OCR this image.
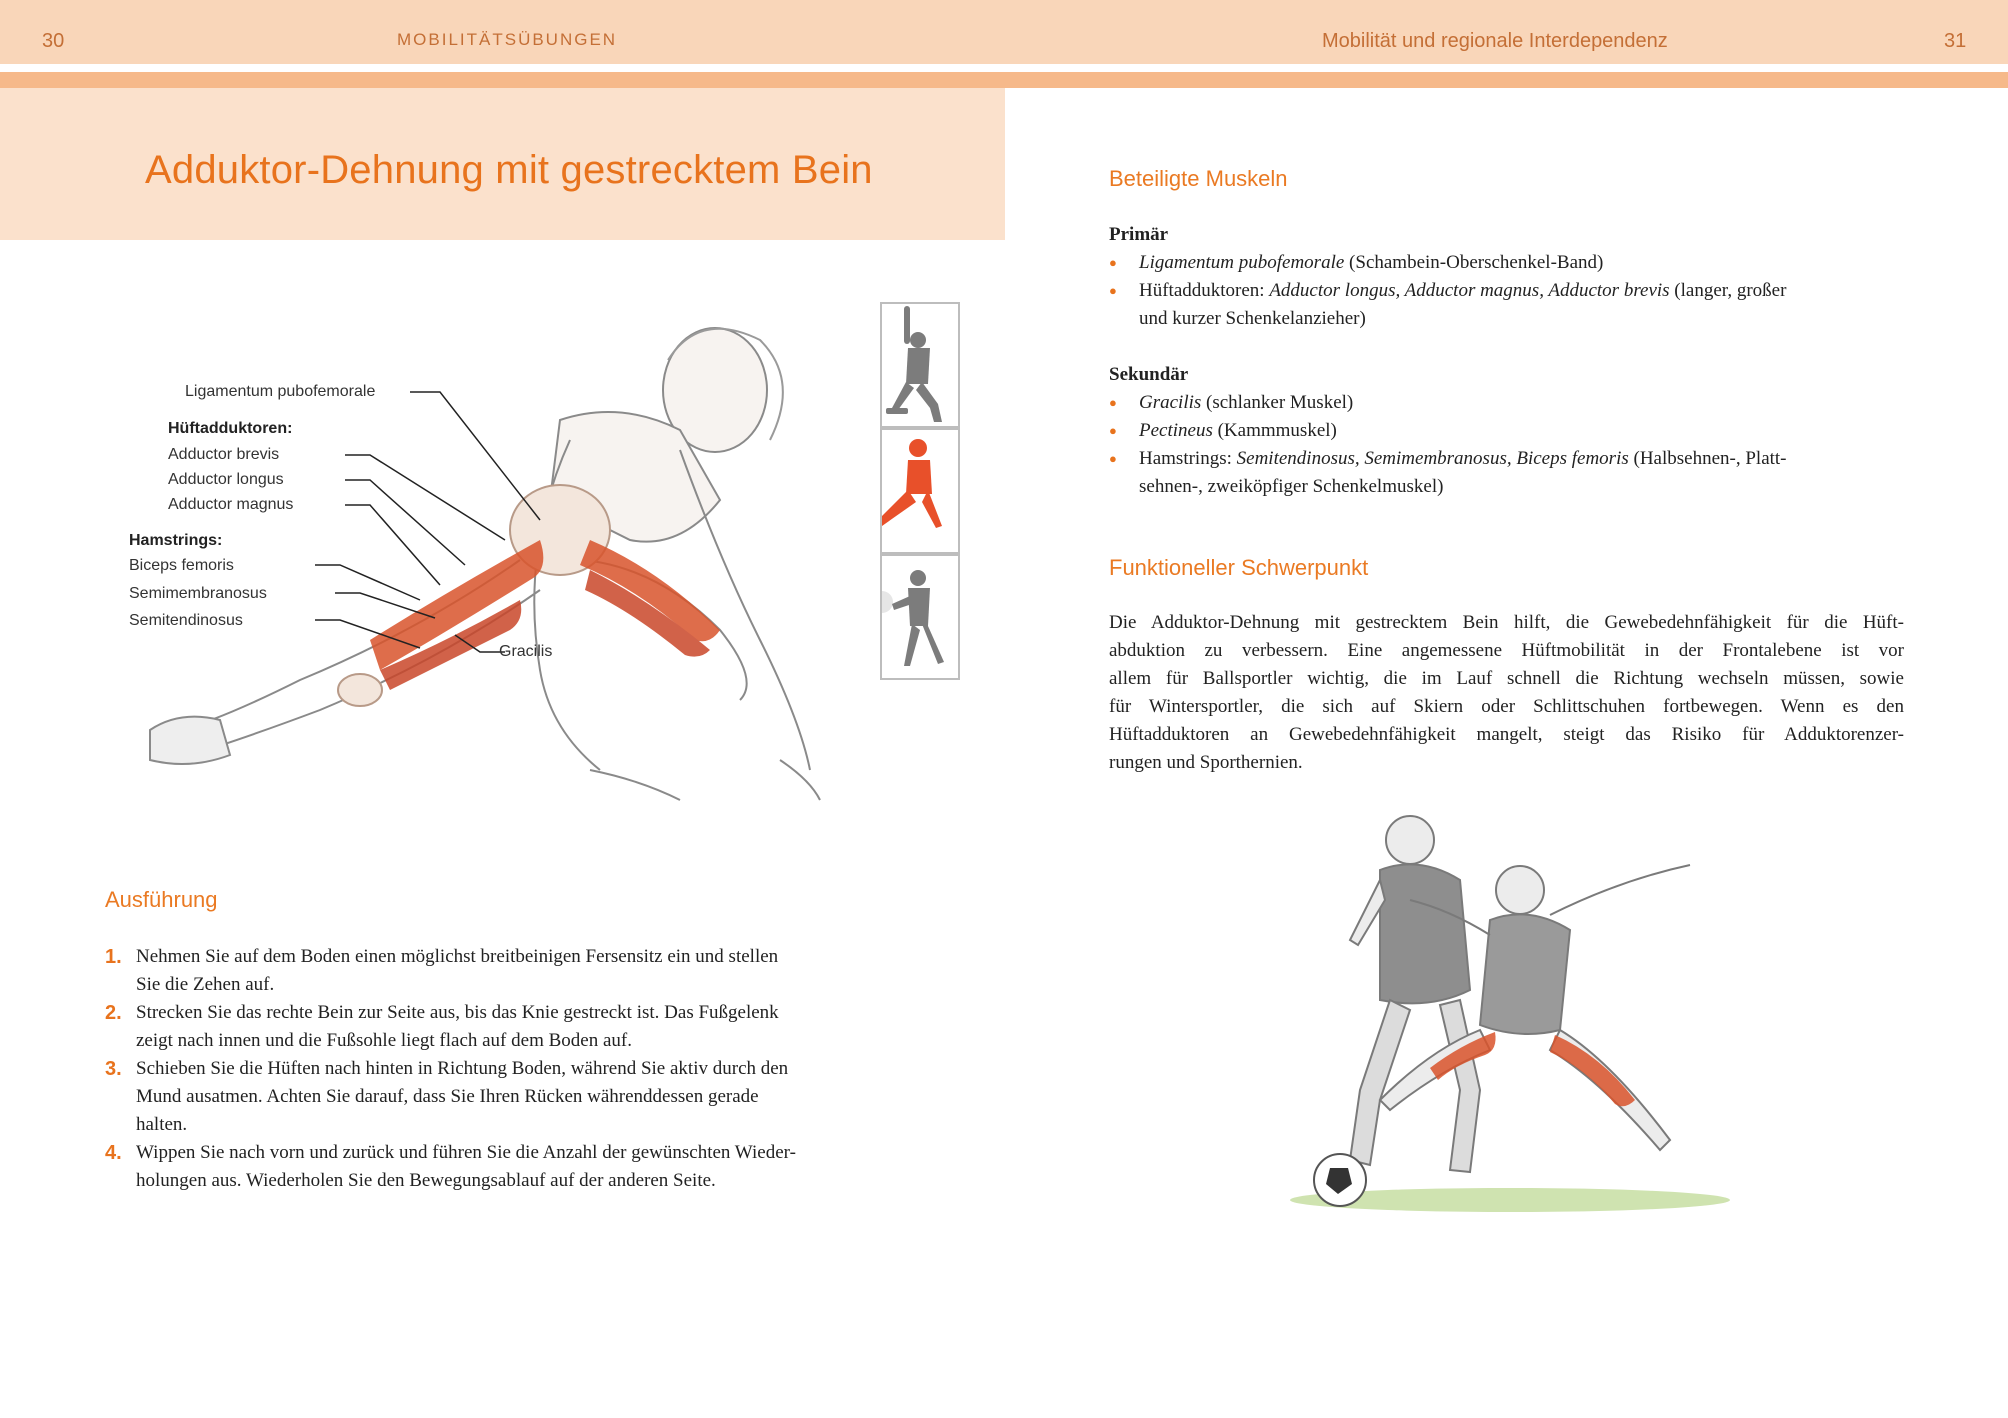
30	MOBILITÄTSÜBUNGEN	Mobilität und regionale Interdependenz	31
Adduktor-Dehnung mit gestrecktem Bein
Ligamentum pubofemorale
Hüftadduktoren:
Adductor brevis
Adductor longus
Adductor magnus
Hamstrings:
Biceps femoris
Semimembranosus
Semitendinosus
Gracilis
Ausführung
1. Nehmen Sie auf dem Boden einen möglichst breitbeinigen Fersensitz ein und stellen
Sie die Zehen auf.
2. Strecken Sie das rechte Bein zur Seite aus, bis das Knie gestreckt ist. Das Fußgelenk
zeigt nach innen und die Fußsohle liegt flach auf dem Boden auf.
3. Schieben Sie die Hüften nach hinten in Richtung Boden, während Sie aktiv durch den
Mund ausatmen. Achten Sie darauf, dass Sie Ihren Rücken währenddessen gerade
halten.
4. Wippen Sie nach vorn und zurück und führen Sie die Anzahl der gewünschten Wieder-
holungen aus. Wiederholen Sie den Bewegungsablauf auf der anderen Seite.
Beteiligte Muskeln
Primär
● Ligamentum pubofemorale (Schambein-Oberschenkel-Band)
● Hüftadduktoren: Adductor longus, Adductor magnus, Adductor brevis (langer, großer
und kurzer Schenkelanzieher)
Sekundär
● Gracilis (schlanker Muskel)
● Pectineus (Kammmuskel)
● Hamstrings: Semitendinosus, Semimembranosus, Biceps femoris (Halbsehnen-, Platt-
sehnen-, zweiköpfiger Schenkelmuskel)
Funktioneller Schwerpunkt
Die Adduktor-Dehnung mit gestrecktem Bein hilft, die Gewebedehnfähigkeit für die Hüft-
abduktion zu verbessern. Eine angemessene Hüftmobilität in der Frontalebene ist vor
allem für Ballsportler wichtig, die im Lauf schnell die Richtung wechseln müssen, sowie
für Wintersportler, die sich auf Skiern oder Schlittschuhen fortbewegen. Wenn es den
Hüftadduktoren an Gewebedehnfähigkeit mangelt, steigt das Risiko für Adduktorenzer-
rungen und Sporthernien.
